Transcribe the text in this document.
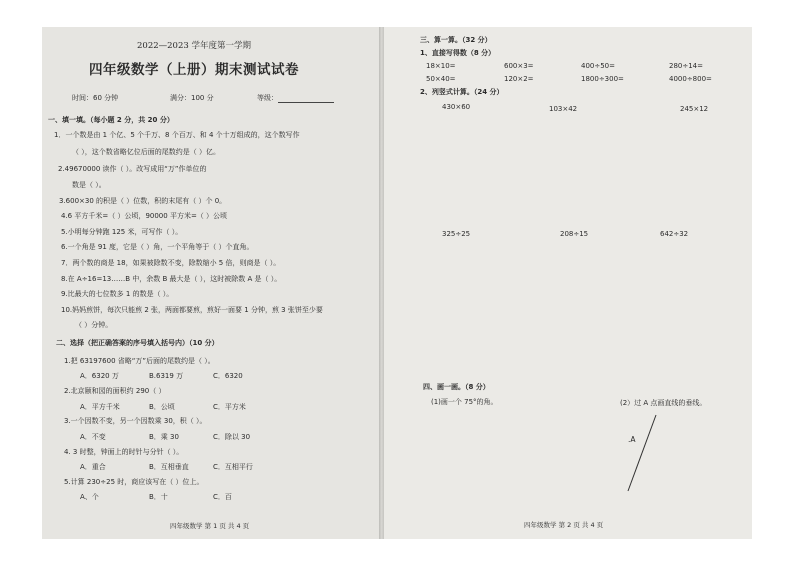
2022—2023 学年度第一学期
四年级数学（上册）期末测试试卷
时间：60 分钟	满分：100 分	等级：
一、填一填。（每小题 2 分，共 20 分）
1．一个数是由 1 个亿、5 个千万、8 个百万、和 4 个十万组成的，这个数写作
（ ），这个数省略亿位后面的尾数约是（ ）亿。
2.49670000 读作（ ）。改写成用“万”作单位的
数是（ ）。
3.600×30 的积是（ ）位数，积的末尾有（ ）个 0。
4.6 平方千米=（ ）公顷，90000 平方米=（ ）公顷
5.小明每分钟跑 125 米，可写作（ ）。
6.一个角是 91 度，它是（ ）角，一个平角等于（ ）个直角。
7．两个数的商是 18，如果被除数不变，除数缩小 5 倍，则商是（ ）。
8.在 A÷16=13……B 中，余数 B 最大是（ ），这时被除数 A 是（ ）。
9.比最大的七位数多 1 的数是（ ）。
10.妈妈煎饼，每次只能煎 2 张，两面都要煎，煎好一面要 1 分钟，煎 3 张饼至少要
（ ）分钟。
二、选择（把正确答案的序号填入括号内）（10 分）
1.把 63197600 省略“万”后面的尾数约是（ ）。
A．6320 万	B.6319 万	C．6320
2.北京颐和园的面积约 290（ ）
A．平方千米	B．公顷	C．平方米
3.一个因数不变，另一个因数乘 30，积（ ）。
A．不变	B．乘 30	C．除以 30
4. 3 时整，钟面上的时针与分针（ ）。
A．重合	B．互相垂直	C．互相平行
5.计算 230÷25 时，商应该写在（ ）位上。
A、个	B．十	C．百
四年级数学 第 1 页 共 4 页
三、算一算。（32 分）
1、直接写得数（8 分）
18×10=	600×3=	400÷50=	280÷14=
50×40=	120×2=	1800÷300=	4000÷800=
2、列竖式计算。（24 分）
430×60	103×42	245×12
325÷25	208÷15	642÷32
四、画一画。（8 分）
(1)画一个 75°的角。	(2）过 A 点画直线的垂线。
.A
四年级数学 第 2 页 共 4 页
